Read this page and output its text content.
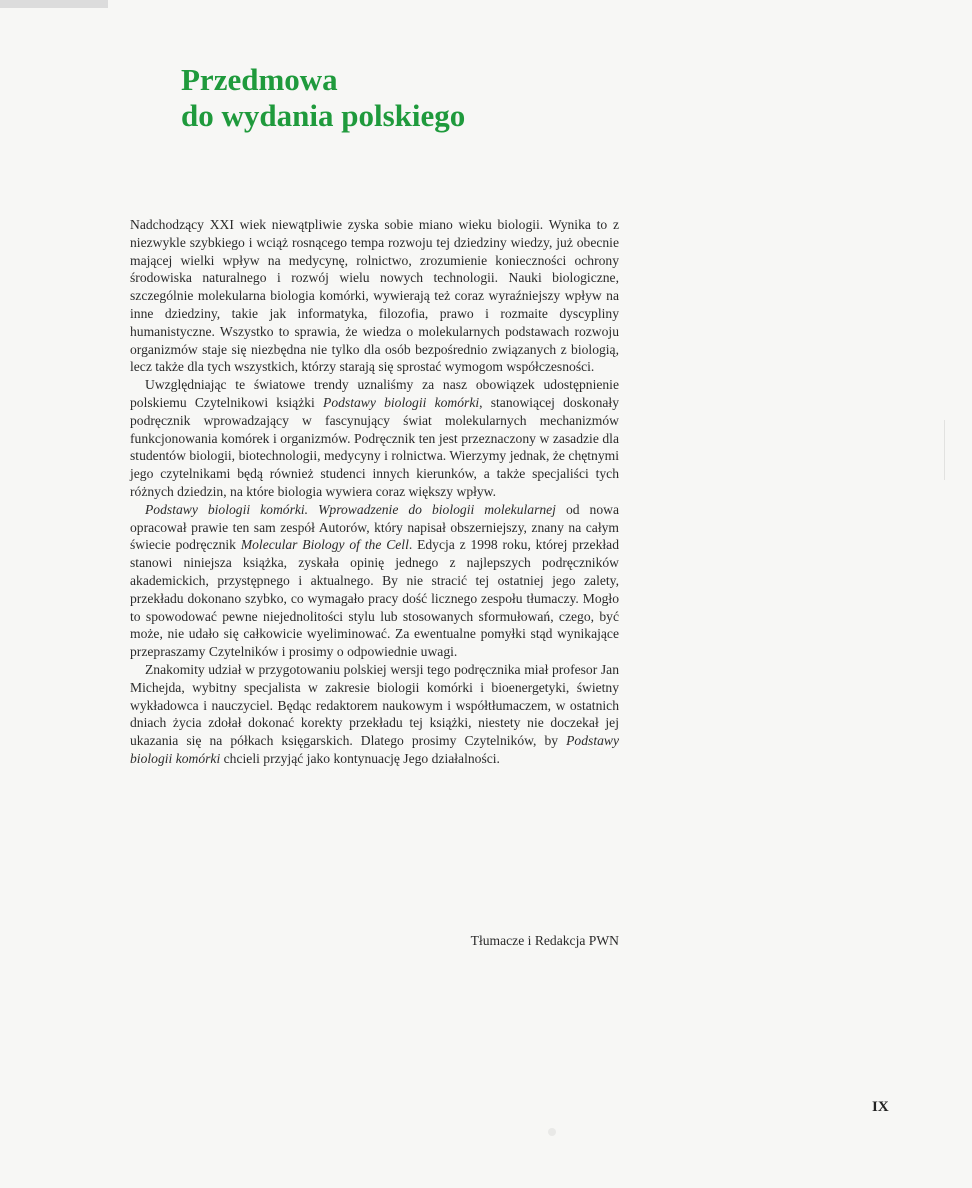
Przedmowa
do wydania polskiego

Nadchodzący XXI wiek niewątpliwie zyska sobie miano wieku biologii. Wynika to z niezwykle szybkiego i wciąż rosnącego tempa rozwoju tej dziedziny wiedzy, już obecnie mającej wielki wpływ na medycynę, rolnictwo, zrozumienie konieczności ochrony środowiska naturalnego i rozwój wielu nowych technologii. Nauki biologiczne, szczególnie molekularna biologia komórki, wywierają też coraz wyraźniejszy wpływ na inne dziedziny, takie jak informatyka, filozofia, prawo i rozmaite dyscypliny humanistyczne. Wszystko to sprawia, że wiedza o molekularnych podstawach rozwoju organizmów staje się niezbędna nie tylko dla osób bezpośrednio związanych z biologią, lecz także dla tych wszystkich, którzy starają się sprostać wymogom współczesności.

Uwzględniając te światowe trendy uznaliśmy za nasz obowiązek udostępnienie polskiemu Czytelnikowi książki Podstawy biologii komórki, stanowiącej doskonały podręcznik wprowadzający w fascynujący świat molekularnych mechanizmów funkcjonowania komórek i organizmów. Podręcznik ten jest przeznaczony w zasadzie dla studentów biologii, biotechnologii, medycyny i rolnictwa. Wierzymy jednak, że chętnymi jego czytelnikami będą również studenci innych kierunków, a także specjaliści tych różnych dziedzin, na które biologia wywiera coraz większy wpływ.

Podstawy biologii komórki. Wprowadzenie do biologii molekularnej od nowa opracował prawie ten sam zespół Autorów, który napisał obszerniejszy, znany na całym świecie podręcznik Molecular Biology of the Cell. Edycja z 1998 roku, której przekład stanowi niniejsza książka, zyskała opinię jednego z najlepszych podręczników akademickich, przystępnego i aktualnego. By nie stracić tej ostatniej jego zalety, przekładu dokonano szybko, co wymagało pracy dość licznego zespołu tłumaczy. Mogło to spowodować pewne niejednolitości stylu lub stosowanych sformułowań, czego, być może, nie udało się całkowicie wyeliminować. Za ewentualne pomyłki stąd wynikające przepraszamy Czytelników i prosimy o odpowiednie uwagi.

Znakomity udział w przygotowaniu polskiej wersji tego podręcznika miał profesor Jan Michejda, wybitny specjalista w zakresie biologii komórki i bioenergetyki, świetny wykładowca i nauczyciel. Będąc redaktorem naukowym i współtłumaczem, w ostatnich dniach życia zdołał dokonać korekty przekładu tej książki, niestety nie doczekał jej ukazania się na półkach księgarskich. Dlatego prosimy Czytelników, by Podstawy biologii komórki chcieli przyjąć jako kontynuację Jego działalności.

Tłumacze i Redakcja PWN
IX
